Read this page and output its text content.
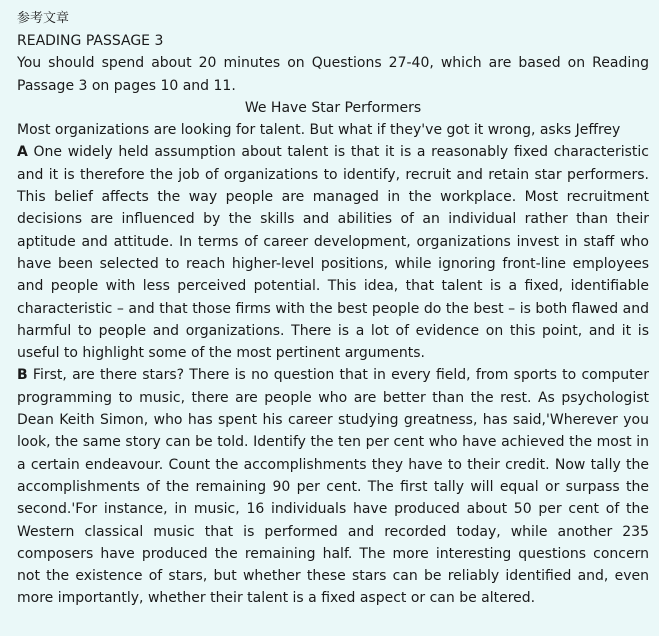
参考文章
READING PASSAGE 3

You should spend about 20 minutes on Questions 27-40, which are based on Reading Passage 3 on pages 10 and 11.

We Have Star Performers
Most organizations are looking for talent. But what if they've got it wrong, asks Jeffrey

A One widely held assumption about talent is that it is a reasonably fixed characteristic and it is therefore the job of organizations to identify, recruit and retain star performers. This belief affects the way people are managed in the workplace. Most recruitment decisions are influenced by the skills and abilities of an individual rather than their aptitude and attitude. In terms of career development, organizations invest in staff who have been selected to reach higher-level positions, while ignoring front-line employees and people with less perceived potential. This idea, that talent is a fixed, identifiable characteristic – and that those firms with the best people do the best – is both flawed and harmful to people and organizations. There is a lot of evidence on this point, and it is useful to highlight some of the most pertinent arguments.

B First, are there stars? There is no question that in every field, from sports to computer programming to music, there are people who are better than the rest. As psychologist Dean Keith Simon, who has spent his career studying greatness, has said,'Wherever you look, the same story can be told. Identify the ten per cent who have achieved the most in a certain endeavour. Count the accomplishments they have to their credit. Now tally the accomplishments of the remaining 90 per cent. The first tally will equal or surpass the second.'For instance, in music, 16 individuals have produced about 50 per cent of the Western classical music that is performed and recorded today, while another 235 composers have produced the remaining half. The more interesting questions concern not the existence of stars, but whether these stars can be reliably identified and, even more importantly, whether their talent is a fixed aspect or can be altered.
